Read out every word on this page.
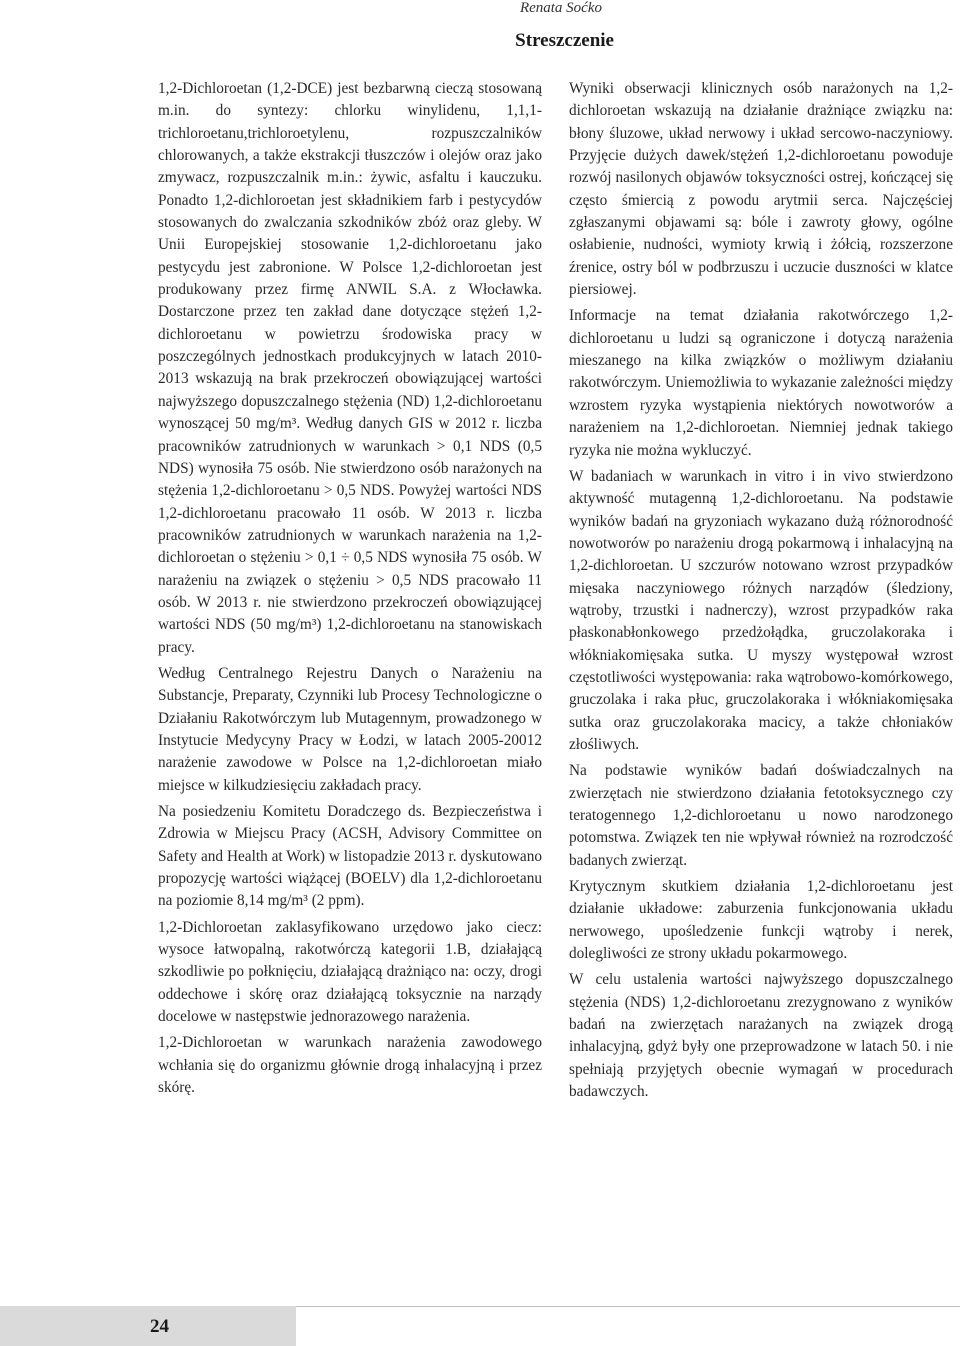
Renata Soćko
Streszczenie

1,2-Dichloroetan (1,2-DCE) jest bezbarwną cieczą stosowaną m.in. do syntezy: chlorku winylidenu, 1,1,1-trichloroetanu,trichloroetylenu, rozpuszczalników chlorowanych, a także ekstrakcji tłuszczów i olejów oraz jako zmywacz, rozpuszczalnik m.in.: żywic, asfaltu i kauczuku. Ponadto 1,2-dichloroetan jest składnikiem farb i pestycydów stosowanych do zwalczania szkodników zbóż oraz gleby. W Unii Europejskiej stosowanie 1,2-dichloroetanu jako pestycydu jest zabronione. W Polsce 1,2-dichloroetan jest produkowany przez firmę ANWIL S.A. z Włocławka. Dostarczone przez ten zakład dane dotyczące stężeń 1,2-dichloroetanu w powietrzu środowiska pracy w poszczególnych jednostkach produkcyjnych w latach 2010-2013 wskazują na brak przekroczeń obowiązującej wartości najwyższego dopuszczalnego stężenia (ND) 1,2-dichloroetanu wynoszącej 50 mg/m³. Według danych GIS w 2012 r. liczba pracowników zatrudnionych w warunkach > 0,1 NDS (0,5 NDS) wynosiła 75 osób. Nie stwierdzono osób narażonych na stężenia 1,2-dichloroetanu > 0,5 NDS. Powyżej wartości NDS 1,2-dichloroetanu pracowało 11 osób. W 2013 r. liczba pracowników zatrudnionych w warunkach narażenia na 1,2-dichloroetan o stężeniu > 0,1 ÷ 0,5 NDS wynosiła 75 osób. W narażeniu na związek o stężeniu > 0,5 NDS pracowało 11 osób. W 2013 r. nie stwierdzono przekroczeń obowiązującej wartości NDS (50 mg/m³) 1,2-dichloroetanu na stanowiskach pracy.

Według Centralnego Rejestru Danych o Narażeniu na Substancje, Preparaty, Czynniki lub Procesy Technologiczne o Działaniu Rakotwórczym lub Mutagennym, prowadzonego w Instytucie Medycyny Pracy w Łodzi, w latach 2005-20012 narażenie zawodowe w Polsce na 1,2-dichloroetan miało miejsce w kilkudziesięciu zakładach pracy.

Na posiedzeniu Komitetu Doradczego ds. Bezpieczeństwa i Zdrowia w Miejscu Pracy (ACSH, Advisory Committee on Safety and Health at Work) w listopadzie 2013 r. dyskutowano propozycję wartości wiążącej (BOELV) dla 1,2-dichloroetanu na poziomie 8,14 mg/m³ (2 ppm).

1,2-Dichloroetan zaklasyfikowano urzędowo jako ciecz: wysoce łatwopalną, rakotwórczą kategorii 1.B, działającą szkodliwie po połknięciu, działającą drażniąco na: oczy, drogi oddechowe i skórę oraz działającą toksycznie na narządy docelowe w następstwie jednorazowego narażenia.

1,2-Dichloroetan w warunkach narażenia zawodowego wchłania się do organizmu głównie drogą inhalacyjną i przez skórę.

Wyniki obserwacji klinicznych osób narażonych na 1,2-dichloroetan wskazują na działanie drażniące związku na: błony śluzowe, układ nerwowy i układ sercowo-naczyniowy. Przyjęcie dużych dawek/stężeń 1,2-dichloroetanu powoduje rozwój nasilonych objawów toksyczności ostrej, kończącej się często śmiercią z powodu arytmii serca. Najczęściej zgłaszanymi objawami są: bóle i zawroty głowy, ogólne osłabienie, nudności, wymioty krwią i żółcią, rozszerzone źrenice, ostry ból w podbrzuszu i uczucie duszności w klatce piersiowej.

Informacje na temat działania rakotwórczego 1,2-dichloroetanu u ludzi są ograniczone i dotyczą narażenia mieszanego na kilka związków o możliwym działaniu rakotwórczym. Uniemożliwia to wykazanie zależności między wzrostem ryzyka wystąpienia niektórych nowotworów a narażeniem na 1,2-dichloroetan. Niemniej jednak takiego ryzyka nie można wykluczyć.

W badaniach w warunkach in vitro i in vivo stwierdzono aktywność mutagenną 1,2-dichloroetanu. Na podstawie wyników badań na gryzoniach wykazano dużą różnorodność nowotworów po narażeniu drogą pokarmową i inhalacyjną na 1,2-dichloroetan. U szczurów notowano wzrost przypadków mięsaka naczyniowego różnych narządów (śledziony, wątroby, trzustki i nadnerczy), wzrost przypadków raka płaskonabłonkowego przedżołądka, gruczolakoraka i włókniakomięsaka sutka. U myszy występował wzrost częstotliwości występowania: raka wątrobowo-komórkowego, gruczolaka i raka płuc, gruczolakoraka i włókniakomięsaka sutka oraz gruczolakoraka macicy, a także chłoniaków złośliwych.

Na podstawie wyników badań doświadczalnych na zwierzętach nie stwierdzono działania fetotoksycznego czy teratogennego 1,2-dichloroetanu u nowo narodzonego potomstwa. Związek ten nie wpływał również na rozrodczość badanych zwierząt.

Krytycznym skutkiem działania 1,2-dichloroetanu jest działanie układowe: zaburzenia funkcjonowania układu nerwowego, upośledzenie funkcji wątroby i nerek, dolegliwości ze strony układu pokarmowego.

W celu ustalenia wartości najwyższego dopuszczalnego stężenia (NDS) 1,2-dichloroetanu zrezygnowano z wyników badań na zwierzętach narażanych na związek drogą inhalacyjną, gdyż były one przeprowadzone w latach 50. i nie spełniają przyjętych obecnie wymagań w procedurach badawczych.

24
